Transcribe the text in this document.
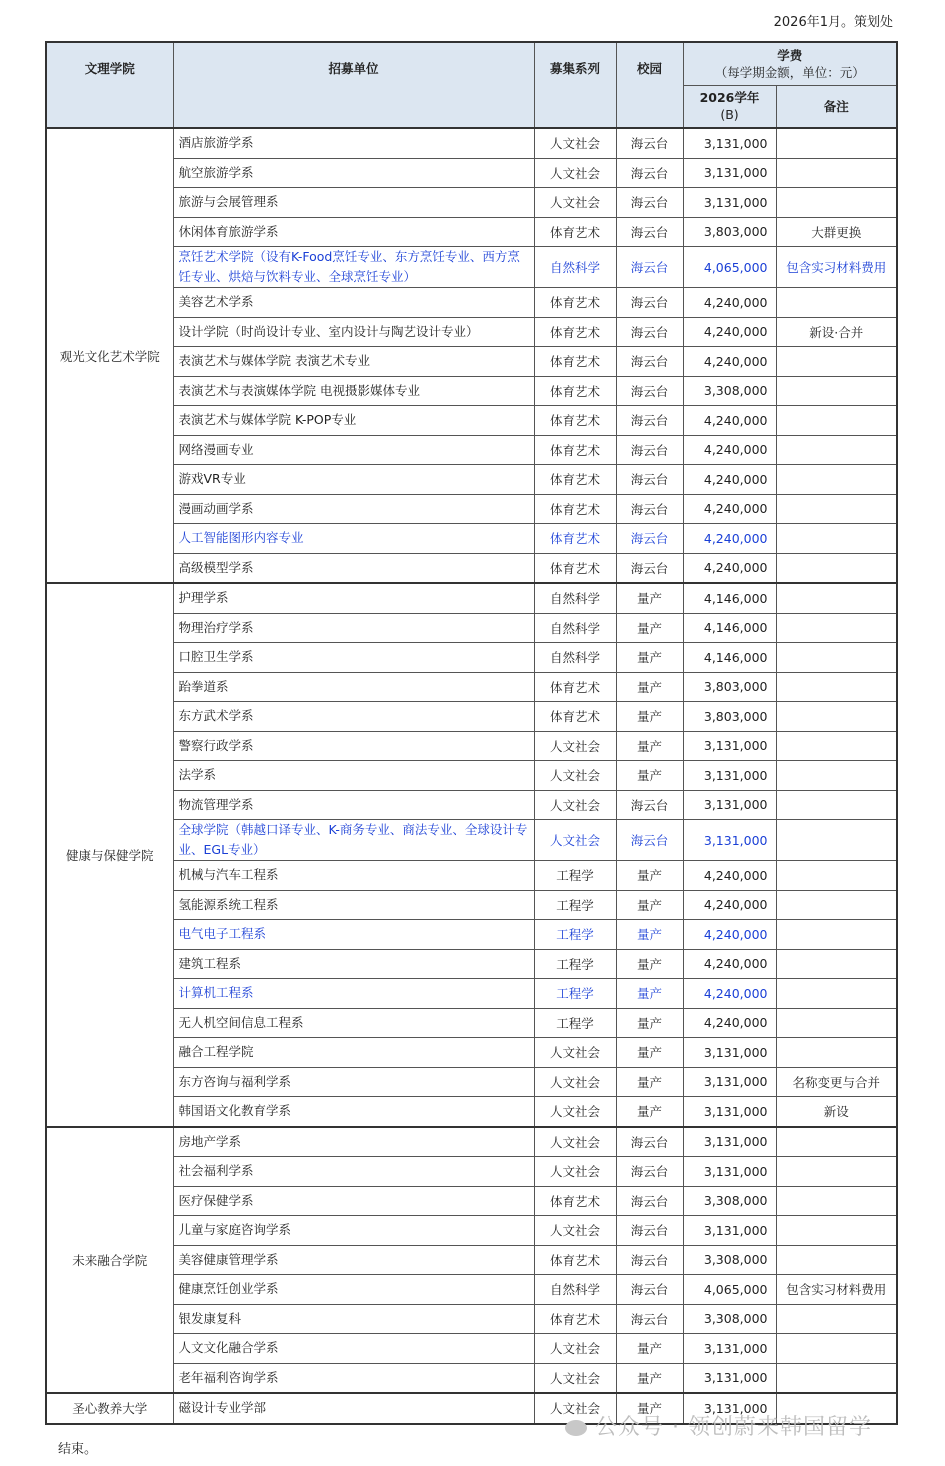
2026年1月。策划处
文理学院	招募单位	募集系列	校园	学费
（每学期金额，单位：元）	

				2026学年
(B)	备注
观光文化艺术学院	酒店旅游学系	人文社会	海云台	3,131,000	
	航空旅游学系	人文社会	海云台	3,131,000	
	旅游与会展管理系	人文社会	海云台	3,131,000	
	休闲体育旅游学系	体育艺术	海云台	3,803,000	大群更换
	烹饪艺术学院（设有K-Food烹饪专业、东方烹饪专业、西方烹饪专业、烘焙与饮料专业、全球烹饪专业）	自然科学	海云台	4,065,000	包含实习材料费用
	美容艺术学系	体育艺术	海云台	4,240,000	
	设计学院（时尚设计专业、室内设计与陶艺设计专业）	体育艺术	海云台	4,240,000	新设·合并
	表演艺术与媒体学院 表演艺术专业	体育艺术	海云台	4,240,000	
	表演艺术与表演媒体学院 电视摄影媒体专业	体育艺术	海云台	3,308,000	
	表演艺术与媒体学院 K-POP专业	体育艺术	海云台	4,240,000	
	网络漫画专业	体育艺术	海云台	4,240,000	
	游戏VR专业	体育艺术	海云台	4,240,000	
	漫画动画学系	体育艺术	海云台	4,240,000	
	人工智能图形内容专业	体育艺术	海云台	4,240,000	
	高级模型学系	体育艺术	海云台	4,240,000	
健康与保健学院	护理学系	自然科学	量产	4,146,000	
	物理治疗学系	自然科学	量产	4,146,000	
	口腔卫生学系	自然科学	量产	4,146,000	
	跆拳道系	体育艺术	量产	3,803,000	
	东方武术学系	体育艺术	量产	3,803,000	
	警察行政学系	人文社会	量产	3,131,000	
	法学系	人文社会	量产	3,131,000	
	物流管理学系	人文社会	海云台	3,131,000	
	全球学院（韩越口译专业、K-商务专业、商法专业、全球设计专业、EGL专业）	人文社会	海云台	3,131,000	
	机械与汽车工程系	工程学	量产	4,240,000	
	氢能源系统工程系	工程学	量产	4,240,000	
	电气电子工程系	工程学	量产	4,240,000	
	建筑工程系	工程学	量产	4,240,000	
	计算机工程系	工程学	量产	4,240,000	
	无人机空间信息工程系	工程学	量产	4,240,000	
	融合工程学院	人文社会	量产	3,131,000	
	东方咨询与福利学系	人文社会	量产	3,131,000	名称变更与合并
	韩国语文化教育学系	人文社会	量产	3,131,000	新设
未来融合学院	房地产学系	人文社会	海云台	3,131,000	
	社会福利学系	人文社会	海云台	3,131,000	
	医疗保健学系	体育艺术	海云台	3,308,000	
	儿童与家庭咨询学系	人文社会	海云台	3,131,000	
	美容健康管理学系	体育艺术	海云台	3,308,000	
	健康烹饪创业学系	自然科学	海云台	4,065,000	包含实习材料费用
	银发康复科	体育艺术	海云台	3,308,000	
	人文文化融合学系	人文社会	量产	3,131,000	
	老年福利咨询学系	人文社会	量产	3,131,000	
圣心教养大学	磁设计专业学部	人文社会	量产	3,131,000	
结束。
公众号 · 领创蔚来韩国留学
